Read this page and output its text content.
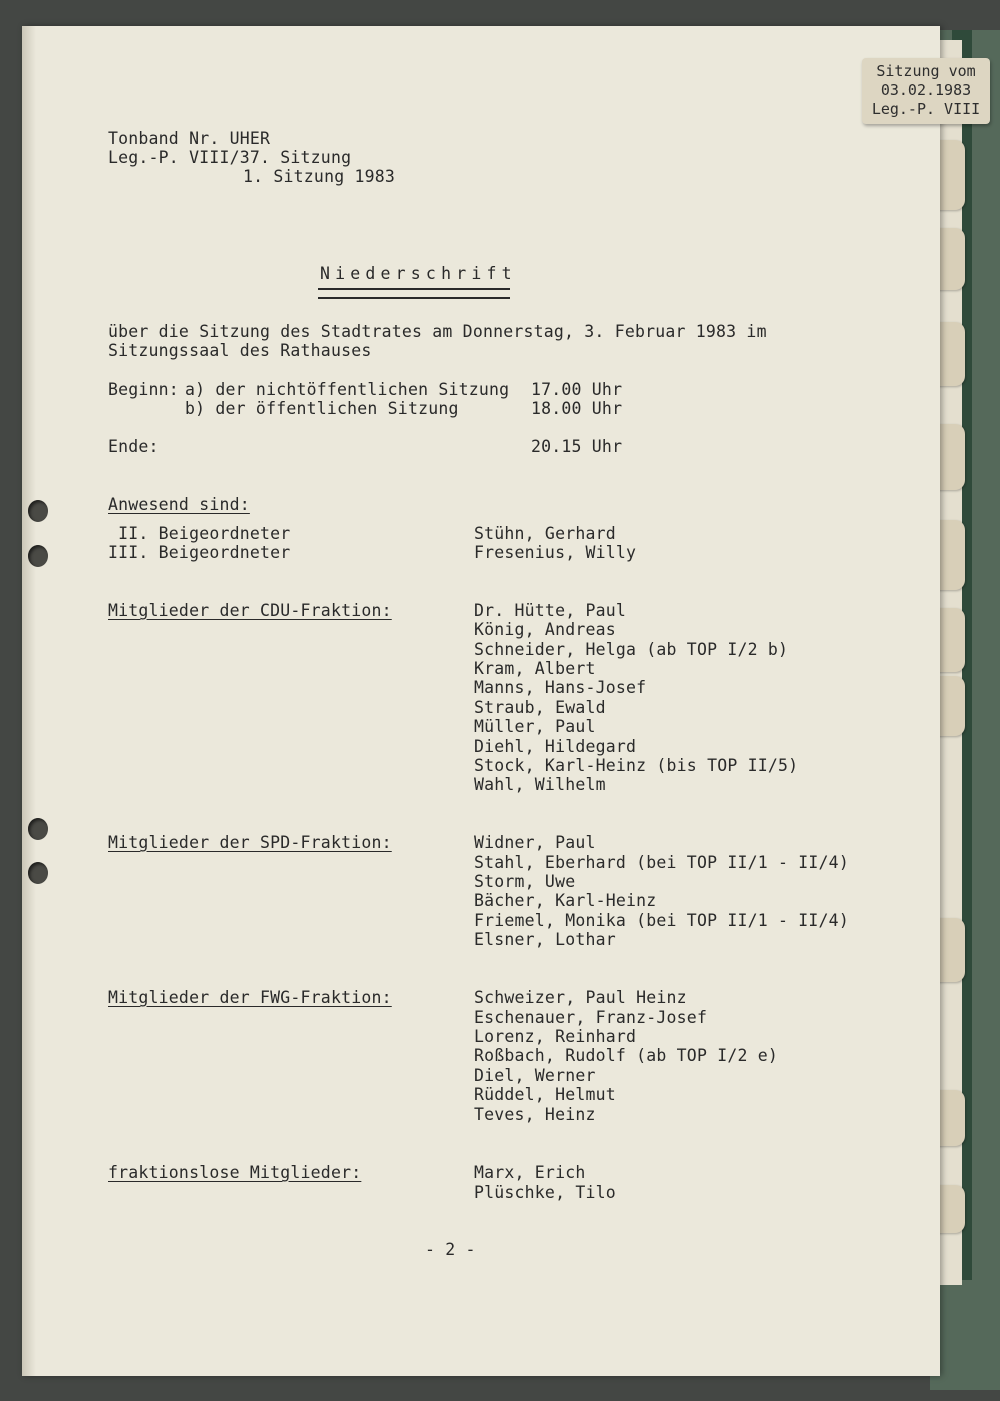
Sitzung vom
03.02.1983
Leg.-P. VIII
Tonband Nr. UHER
Leg.-P. VIII/37. Sitzung
1. Sitzung 1983
Niederschrift
über die Sitzung des Stadtrates am Donnerstag, 3. Februar 1983 im
Sitzungssaal des Rathauses
Beginn: a) der nichtöffentlichen Sitzung 17.00 Uhr
b) der öffentlichen Sitzung	18.00 Uhr
Ende:	20.15 Uhr
Anwesend sind:
II. Beigeordneter	Stühn, Gerhard
III. Beigeordneter	Fresenius, Willy
Mitglieder der CDU-Fraktion:	Dr. Hütte, Paul
König, Andreas
Schneider, Helga (ab TOP I/2 b)
Kram, Albert
Manns, Hans-Josef
Straub, Ewald
Müller, Paul
Diehl, Hildegard
Stock, Karl-Heinz (bis TOP II/5)
Wahl, Wilhelm
Mitglieder der SPD-Fraktion:	Widner, Paul
Stahl, Eberhard (bei TOP II/1 - II/4)
Storm, Uwe
Bächer, Karl-Heinz
Friemel, Monika (bei TOP II/1 - II/4)
Elsner, Lothar
Mitglieder der FWG-Fraktion:	Schweizer, Paul Heinz
Eschenauer, Franz-Josef
Lorenz, Reinhard
Roßbach, Rudolf (ab TOP I/2 e)
Diel, Werner
Rüddel, Helmut
Teves, Heinz
fraktionslose Mitglieder:	Marx, Erich
Plüschke, Tilo
- 2 -
